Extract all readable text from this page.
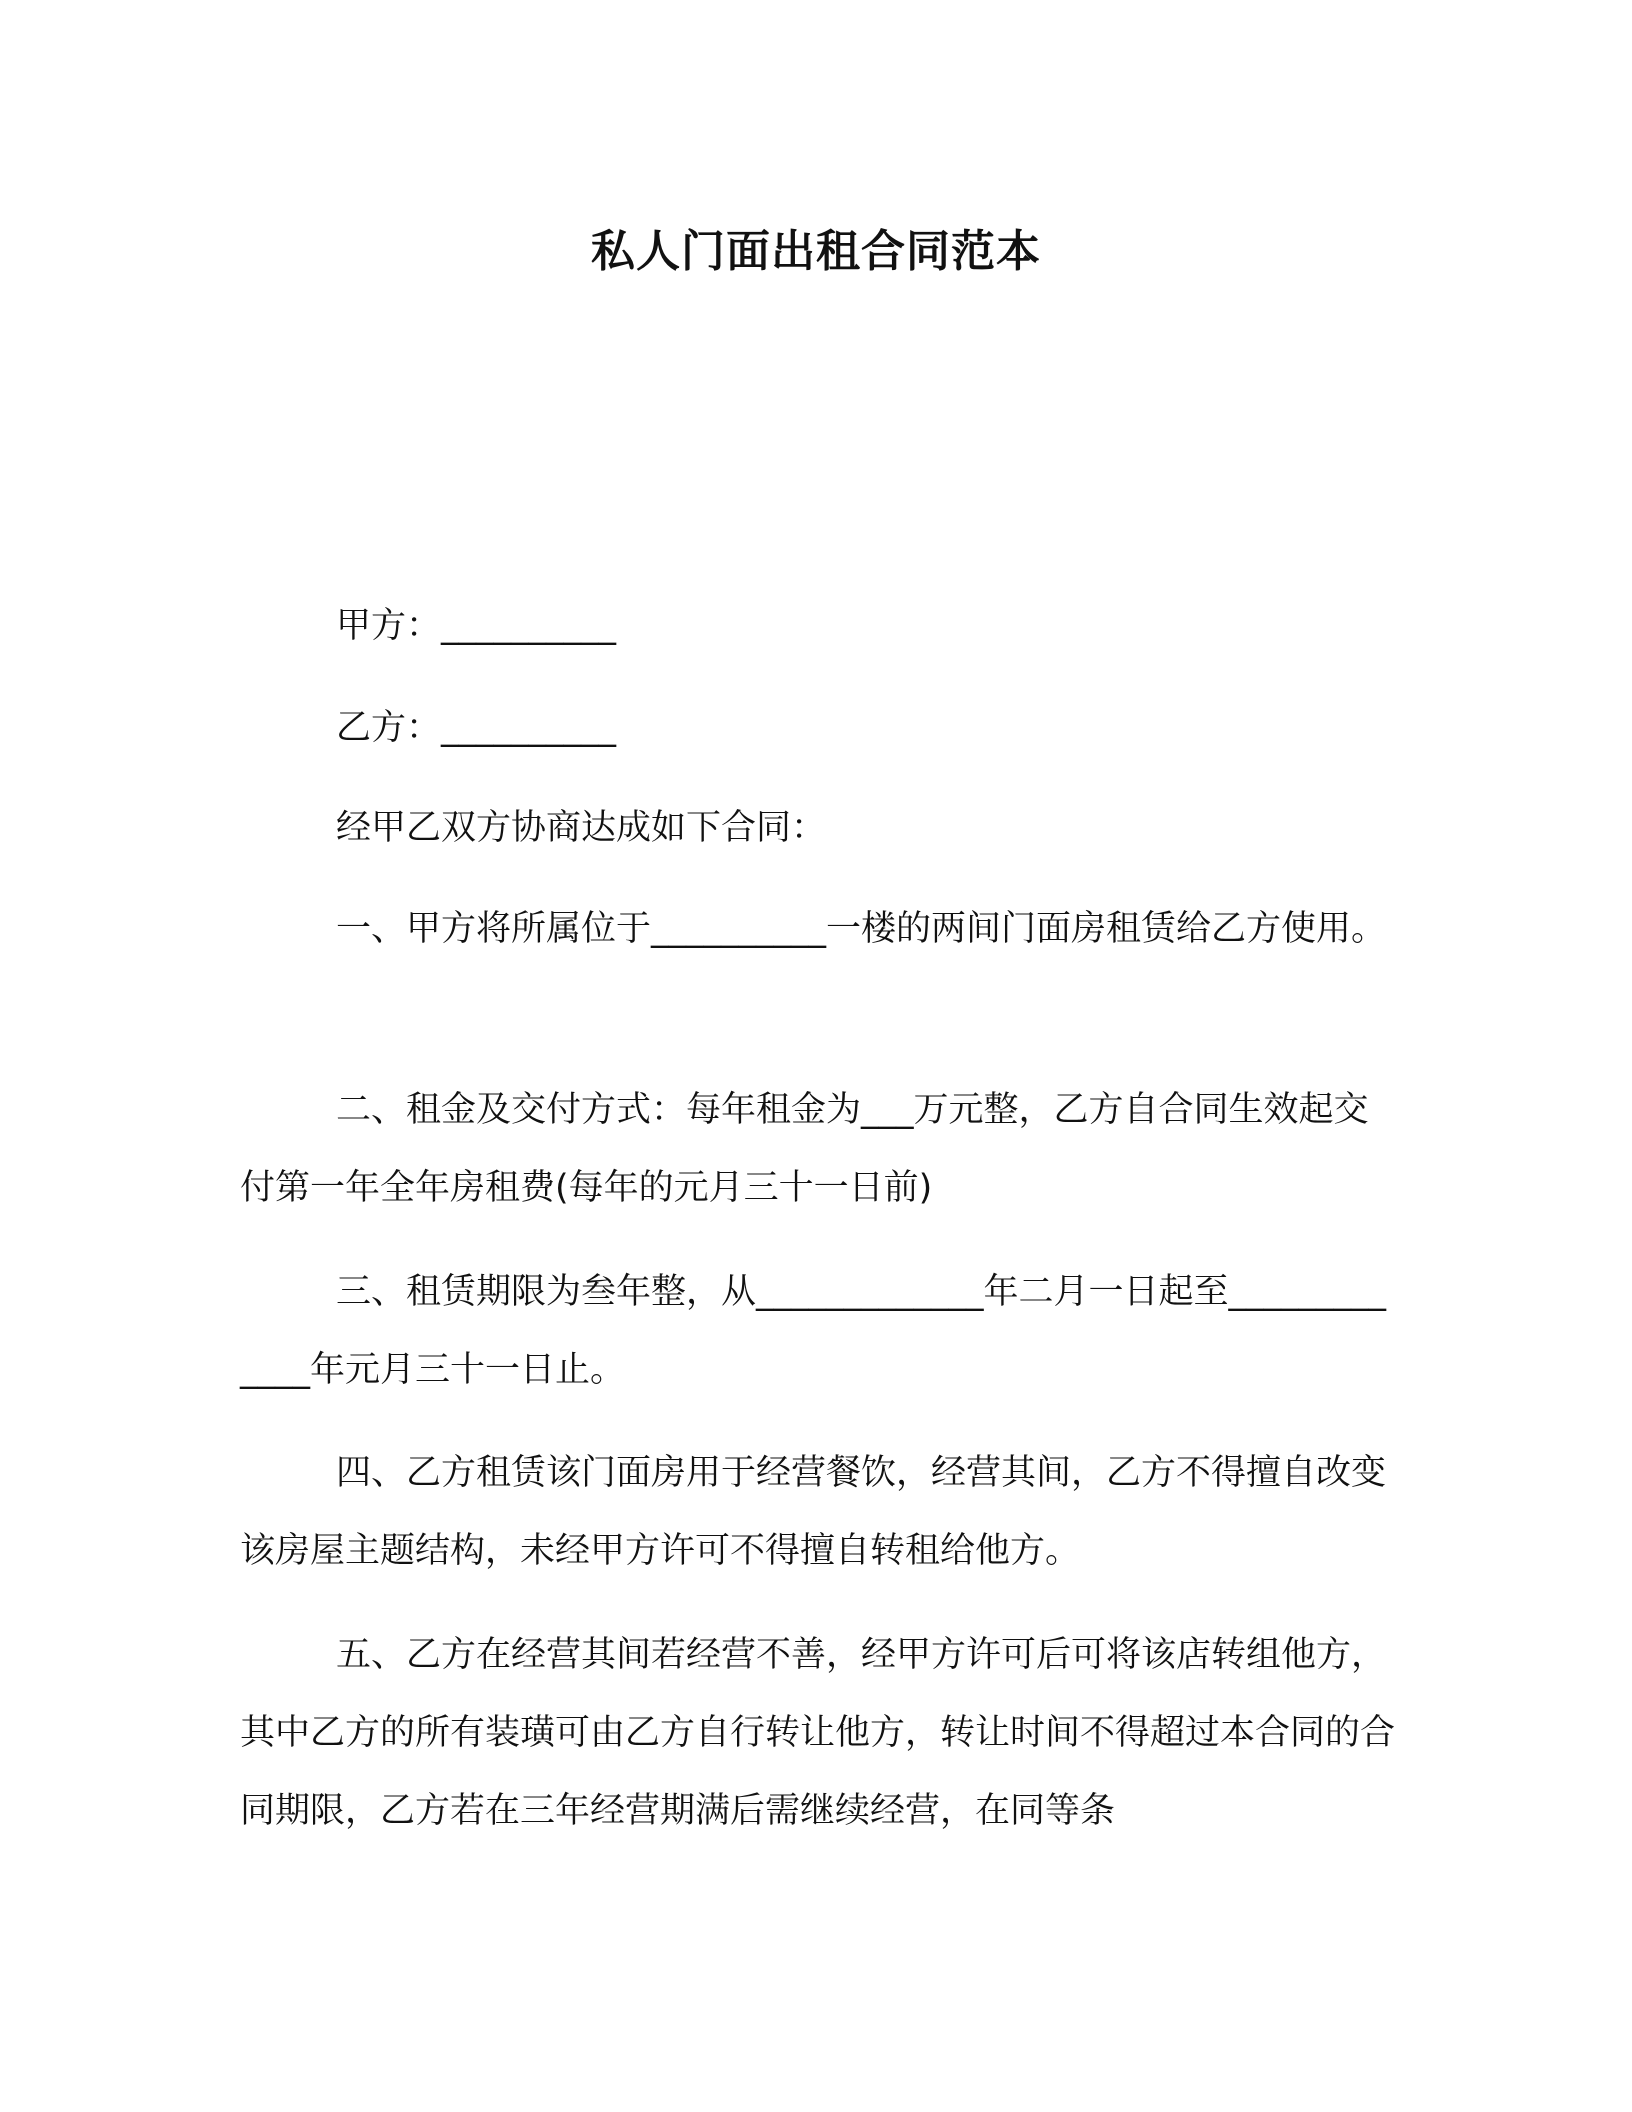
私人门面出租合同范本

甲方：__________

乙方：__________

经甲乙双方协商达成如下合同：

一、甲方将所属位于__________一楼的两间门面房租赁给乙方使用。

二、租金及交付方式：每年租金为___万元整，乙方自合同生效起交付第一年全年房租费(每年的元月三十一日前)

三、租赁期限为叁年整，从_____________年二月一日起至_____________年元月三十一日止。

四、乙方租赁该门面房用于经营餐饮，经营其间，乙方不得擅自改变该房屋主题结构，未经甲方许可不得擅自转租给他方。

五、乙方在经营其间若经营不善，经甲方许可后可将该店转组他方，其中乙方的所有装璜可由乙方自行转让他方，转让时间不得超过本合同的合同期限，乙方若在三年经营期满后需继续经营，在同等条
